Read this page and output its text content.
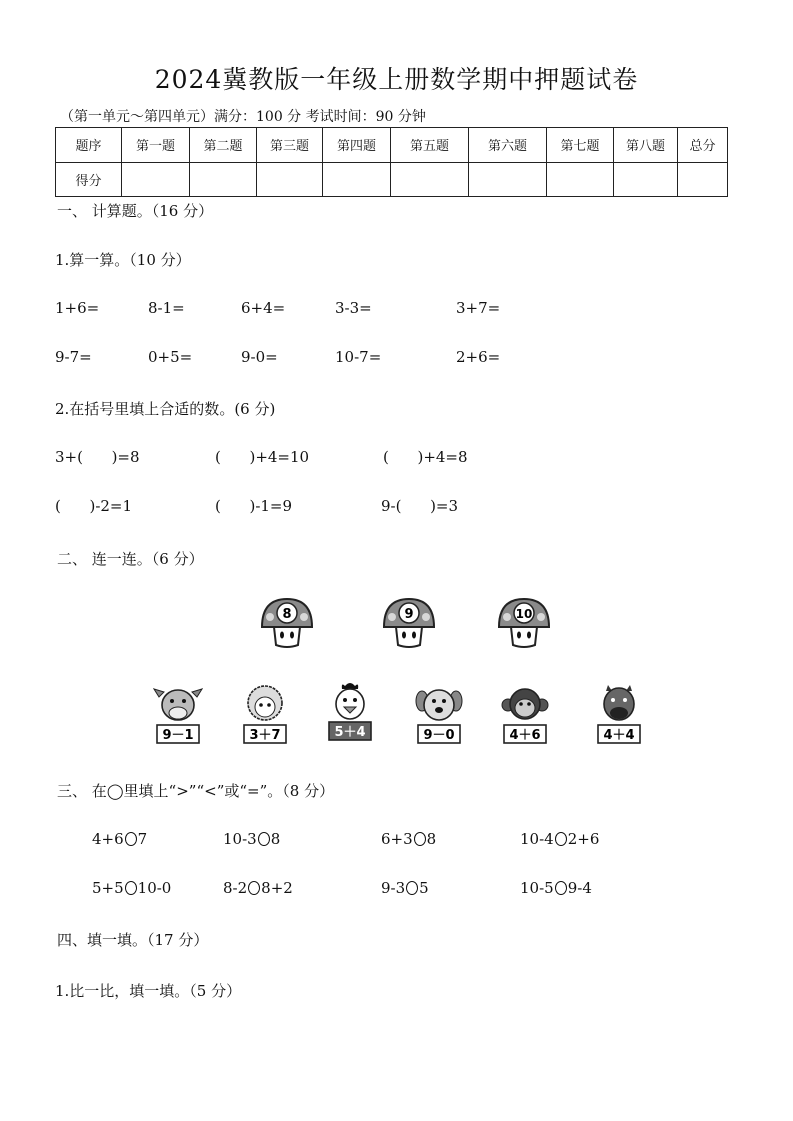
2024冀教版一年级上册数学期中押题试卷
（第一单元～第四单元）满分：100 分 考试时间：90 分钟
题序	第一题	第二题	第三题	第四题	第五题	第六题	第七题	第八题	总分
得分									
一、 计算题。（16 分）
1.算一算。（10 分）
1+6=	8-1=	6+4=	3-3=	3+7=
9-7=	0+5=	9-0=	10-7=	2+6=
2.在括号里填上合适的数。(6 分)
3+(      )=8	(      )+4=10	(      )+4=8
(      )-2=1	(      )-1=9	9-(      )=3
二、 连一连。（6 分）
8	9	10
9－1	3＋7	5＋4	9－0	4＋6	4＋4
三、 在◯里填上“>”“<”或“=”。（8 分）
4+6 7	10-3 8	6+3 8	10-4 2+6
5+5 10-0	8-2 8+2	9-3 5	10-5 9-4
四、填一填。（17 分）
1.比一比，填一填。（5 分）
